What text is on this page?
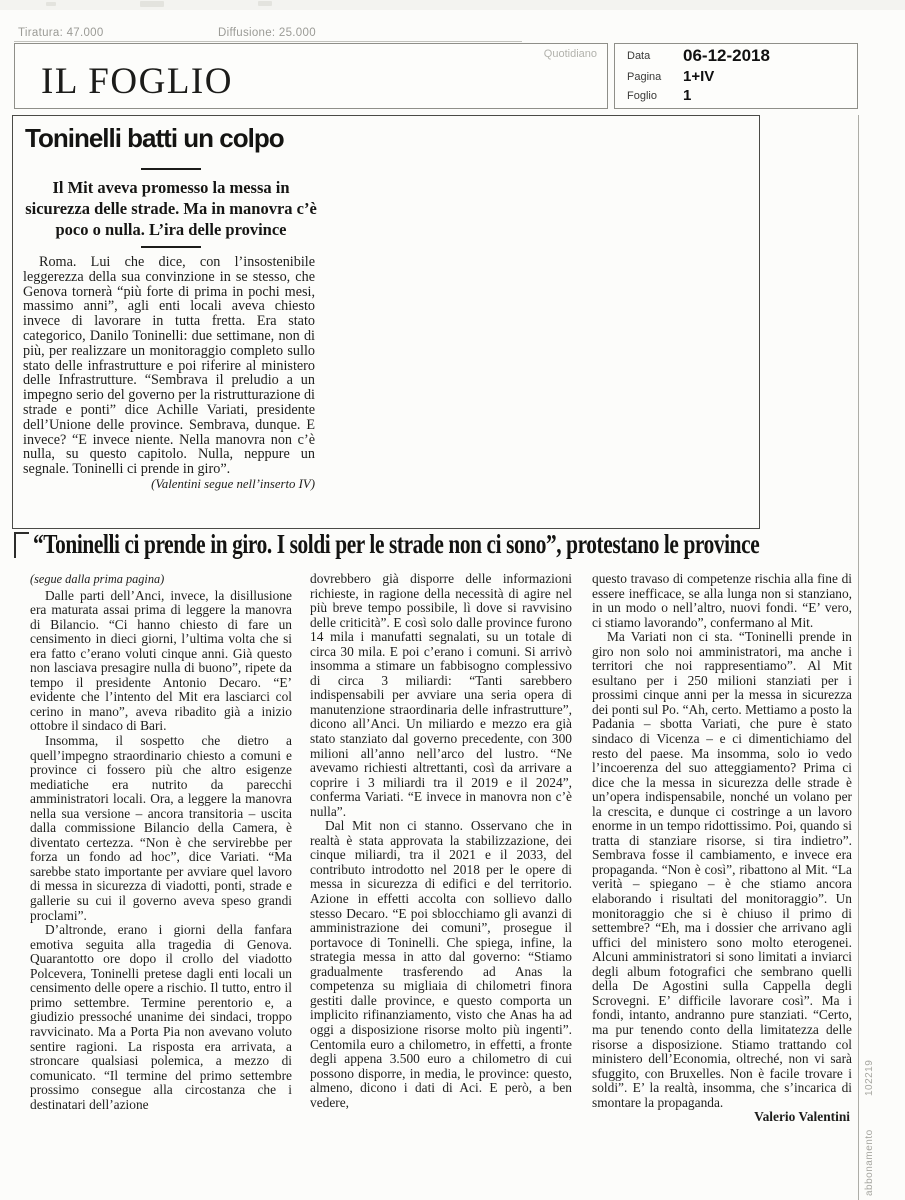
Tiratura: 47.000	Diffusione: 25.000
Quotidiano
IL FOGLIO
Data 06-12-2018
Pagina 1+IV
Foglio 1
abbonamento 102219
Toninelli batti un colpo
Il Mit aveva promesso la messa in sicurezza delle strade. Ma in manovra c’è poco o nulla. L’ira delle province

Roma. Lui che dice, con l’insostenibile leggerezza della sua convinzione in se stesso, che Genova tornerà “più forte di prima in pochi mesi, massimo anni”, agli enti locali aveva chiesto invece di lavorare in tutta fretta. Era stato categorico, Danilo Toninelli: due settimane, non di più, per realizzare un monitoraggio completo sullo stato delle infrastrutture e poi riferire al ministero delle Infrastrutture. “Sembrava il preludio a un impegno serio del governo per la ristrutturazione di strade e ponti” dice Achille Variati, presidente dell’Unione delle province. Sembrava, dunque. E invece? “E invece niente. Nella manovra non c’è nulla, su questo capitolo. Nulla, neppure un segnale. Toninelli ci prende in giro”.

(Valentini segue nell’inserto IV)
“Toninelli ci prende in giro. I soldi per le strade non ci sono”, protestano le province
(segue dalla prima pagina)

Dalle parti dell’Anci, invece, la disillusione era maturata assai prima di leggere la manovra di Bilancio. “Ci hanno chiesto di fare un censimento in dieci giorni, l’ultima volta che si era fatto c’erano voluti cinque anni. Già questo non lasciava presagire nulla di buono”, ripete da tempo il presidente Antonio Decaro. “E’ evidente che l’intento del Mit era lasciarci col cerino in mano”, aveva ribadito già a inizio ottobre il sindaco di Bari.

Insomma, il sospetto che dietro a quell’impegno straordinario chiesto a comuni e province ci fossero più che altro esigenze mediatiche era nutrito da parecchi amministratori locali. Ora, a leggere la manovra nella sua versione – ancora transitoria – uscita dalla commissione Bilancio della Camera, è diventato certezza. “Non è che servirebbe per forza un fondo ad hoc”, dice Variati. “Ma sarebbe stato importante per avviare quel lavoro di messa in sicurezza di viadotti, ponti, strade e gallerie su cui il governo aveva speso grandi proclami”.

D’altronde, erano i giorni della fanfara emotiva seguita alla tragedia di Genova. Quarantotto ore dopo il crollo del viadotto Polcevera, Toninelli pretese dagli enti locali un censimento delle opere a rischio. Il tutto, entro il primo settembre. Termine perentorio e, a giudizio pressoché unanime dei sindaci, troppo ravvicinato. Ma a Porta Pia non avevano voluto sentire ragioni. La risposta era arrivata, a stroncare qualsiasi polemica, a mezzo di comunicato. “Il termine del primo settembre prossimo consegue alla circostanza che i destinatari dell’azione

dovrebbero già disporre delle informazioni richieste, in ragione della necessità di agire nel più breve tempo possibile, lì dove si ravvisino delle criticità”. E così solo dalle province furono 14 mila i manufatti segnalati, su un totale di circa 30 mila. E poi c’erano i comuni. Si arrivò insomma a stimare un fabbisogno complessivo di circa 3 miliardi: “Tanti sarebbero indispensabili per avviare una seria opera di manutenzione straordinaria delle infrastrutture”, dicono all’Anci. Un miliardo e mezzo era già stato stanziato dal governo precedente, con 300 milioni all’anno nell’arco del lustro. “Ne avevamo richiesti altrettanti, così da arrivare a coprire i 3 miliardi tra il 2019 e il 2024”, conferma Variati. “E invece in manovra non c’è nulla”.

Dal Mit non ci stanno. Osservano che in realtà è stata approvata la stabilizzazione, dei cinque miliardi, tra il 2021 e il 2033, del contributo introdotto nel 2018 per le opere di messa in sicurezza di edifici e del territorio. Azione in effetti accolta con sollievo dallo stesso Decaro. “E poi sblocchiamo gli avanzi di amministrazione dei comuni”, prosegue il portavoce di Toninelli. Che spiega, infine, la strategia messa in atto dal governo: “Stiamo gradualmente trasferendo ad Anas la competenza su migliaia di chilometri finora gestiti dalle province, e questo comporta un implicito rifinanziamento, visto che Anas ha ad oggi a disposizione risorse molto più ingenti”. Centomila euro a chilometro, in effetti, a fronte degli appena 3.500 euro a chilometro di cui possono disporre, in media, le province: questo, almeno, dicono i dati di Aci. E però, a ben vedere,

questo travaso di competenze rischia alla fine di essere inefficace, se alla lunga non si stanziano, in un modo o nell’altro, nuovi fondi. “E’ vero, ci stiamo lavorando”, confermano al Mit.

Ma Variati non ci sta. “Toninelli prende in giro non solo noi amministratori, ma anche i territori che noi rappresentiamo”. Al Mit esultano per i 250 milioni stanziati per i prossimi cinque anni per la messa in sicurezza dei ponti sul Po. “Ah, certo. Mettiamo a posto la Padania – sbotta Variati, che pure è stato sindaco di Vicenza – e ci dimentichiamo del resto del paese. Ma insomma, solo io vedo l’incoerenza del suo atteggiamento? Prima ci dice che la messa in sicurezza delle strade è un’opera indispensabile, nonché un volano per la crescita, e dunque ci costringe a un lavoro enorme in un tempo ridottissimo. Poi, quando si tratta di stanziare risorse, si tira indietro”. Sembrava fosse il cambiamento, e invece era propaganda. “Non è così”, ribattono al Mit. “La verità – spiegano – è che stiamo ancora elaborando i risultati del monitoraggio”. Un monitoraggio che si è chiuso il primo di settembre? “Eh, ma i dossier che arrivano agli uffici del ministero sono molto eterogenei. Alcuni amministratori si sono limitati a inviarci degli album fotografici che sembrano quelli della De Agostini sulla Cappella degli Scrovegni. E’ difficile lavorare così”. Ma i fondi, intanto, andranno pure stanziati. “Certo, ma pur tenendo conto della limitatezza delle risorse a disposizione. Stiamo trattando col ministero dell’Economia, oltreché, non vi sarà sfuggito, con Bruxelles. Non è facile trovare i soldi”. E’ la realtà, insomma, che s’incarica di smontare la propaganda.

Valerio Valentini
